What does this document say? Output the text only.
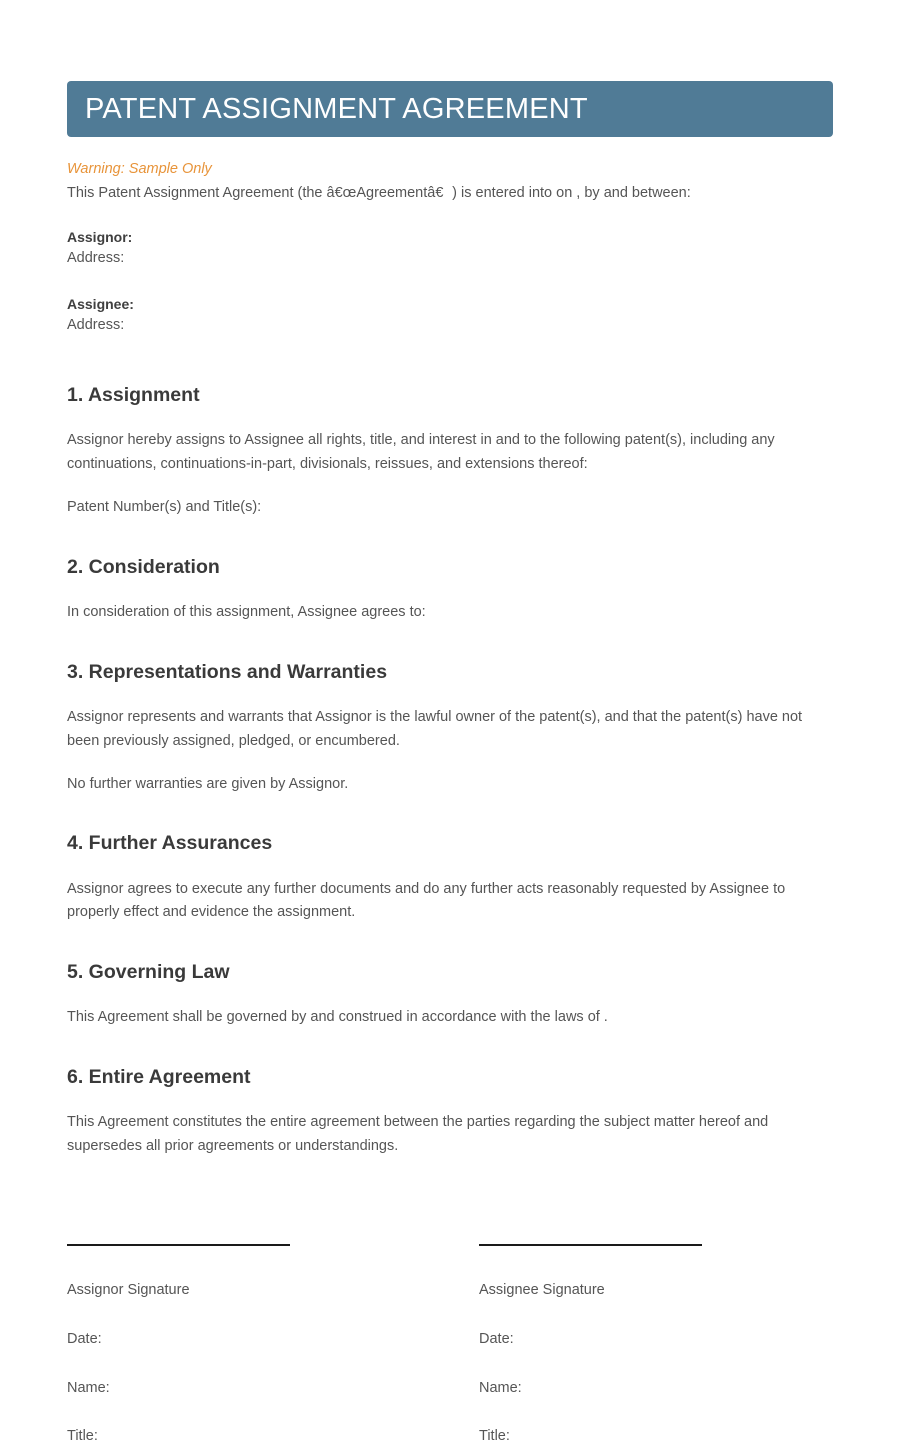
PATENT ASSIGNMENT AGREEMENT
Warning: Sample Only
This Patent Assignment Agreement (the â€œAgreementâ€) is entered into on , by and between:
Assignor:
Address:
Assignee:
Address:
1. Assignment

Assignor hereby assigns to Assignee all rights, title, and interest in and to the following patent(s), including any continuations, continuations-in-part, divisionals, reissues, and extensions thereof:

Patent Number(s) and Title(s):

2. Consideration

In consideration of this assignment, Assignee agrees to:

3. Representations and Warranties

Assignor represents and warrants that Assignor is the lawful owner of the patent(s), and that the patent(s) have not been previously assigned, pledged, or encumbered.

No further warranties are given by Assignor.

4. Further Assurances

Assignor agrees to execute any further documents and do any further acts reasonably requested by Assignee to properly effect and evidence the assignment.

5. Governing Law

This Agreement shall be governed by and construed in accordance with the laws of .

6. Entire Agreement

This Agreement constitutes the entire agreement between the parties regarding the subject matter hereof and supersedes all prior agreements or understandings.

Assignor Signature
Date:
Name:
Title:
Assignee Signature
Date:
Name:
Title:
